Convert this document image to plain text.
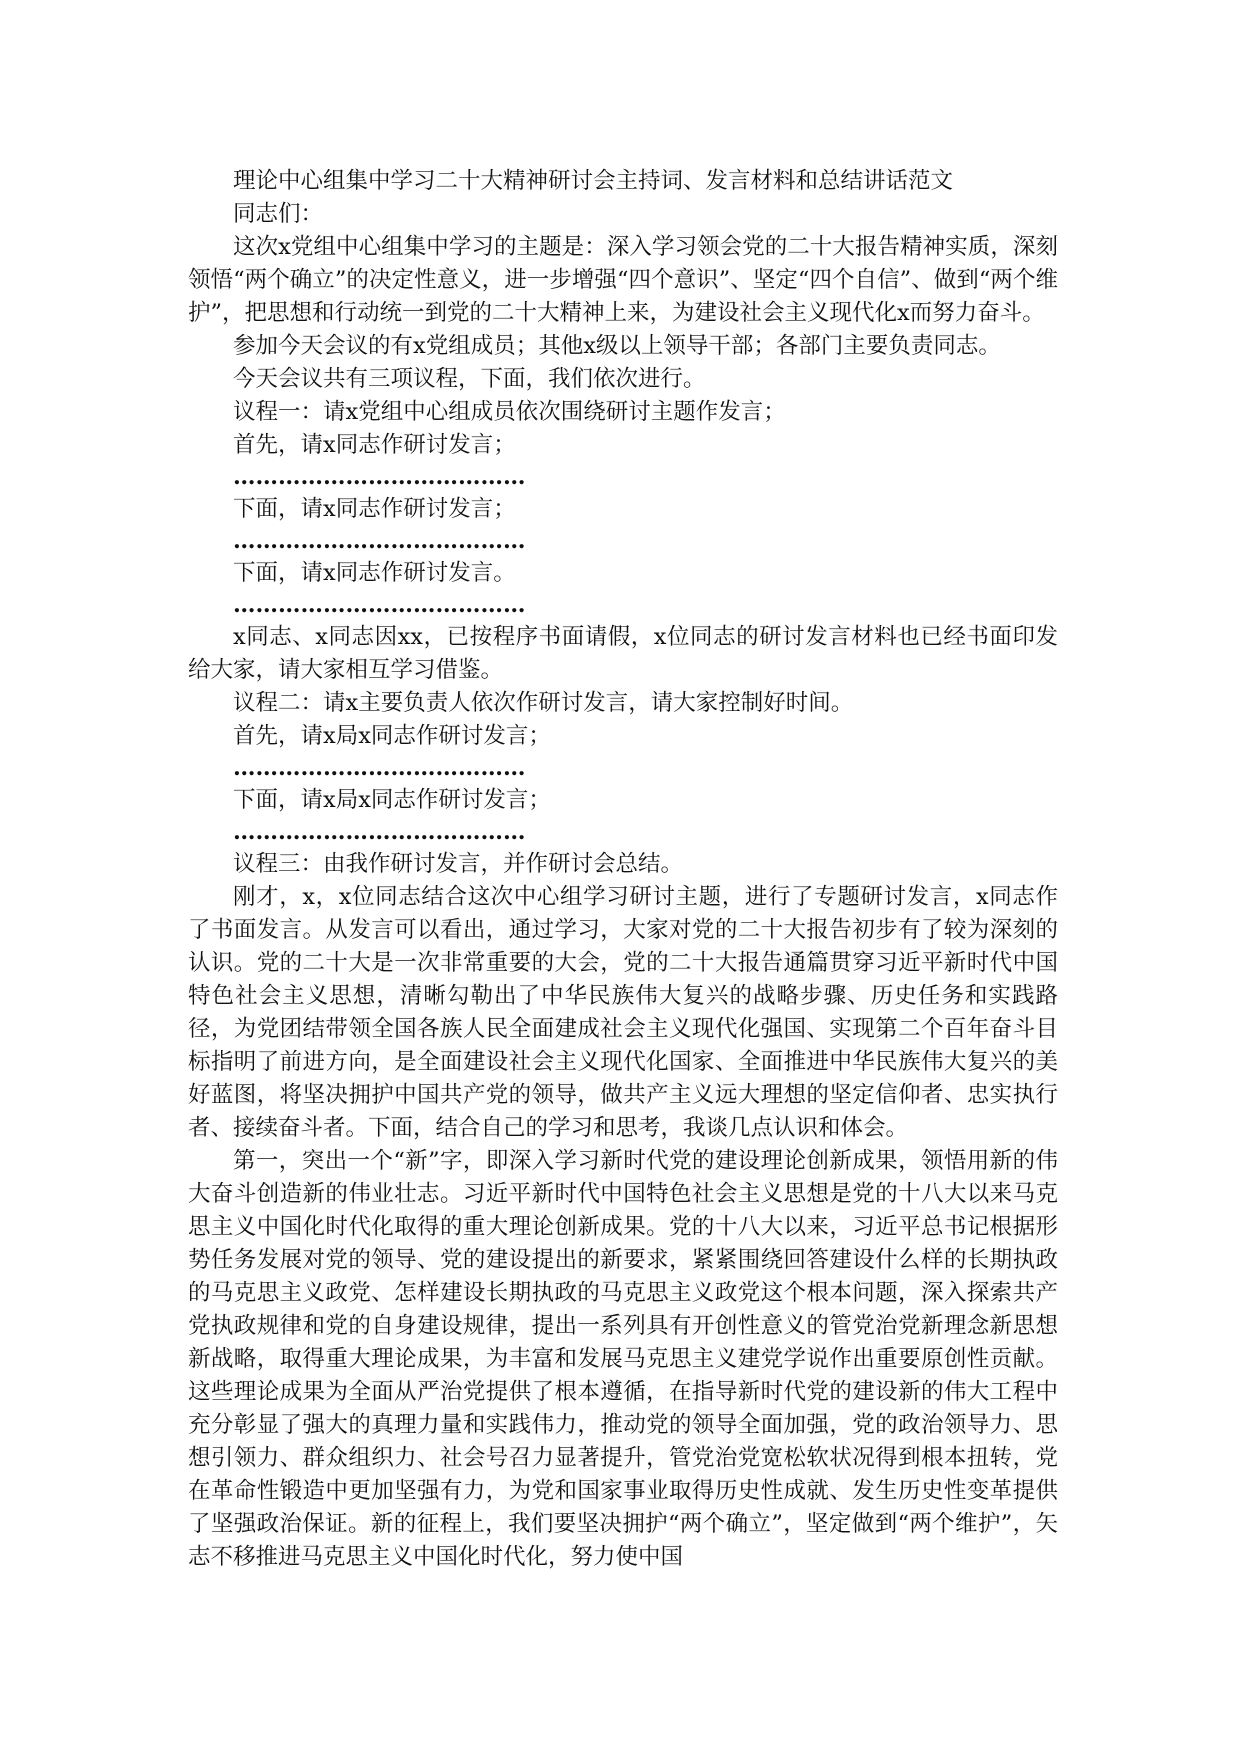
理论中心组集中学习二十大精神研讨会主持词、发言材料和总结讲话范文

同志们：

这次x党组中心组集中学习的主题是：深入学习领会党的二十大报告精神实质，深刻领悟“两个确立”的决定性意义，进一步增强“四个意识”、坚定“四个自信”、做到“两个维护”，把思想和行动统一到党的二十大精神上来，为建设社会主义现代化x而努力奋斗。

参加今天会议的有x党组成员；其他x级以上领导干部；各部门主要负责同志。

今天会议共有三项议程，下面，我们依次进行。

议程一：请x党组中心组成员依次围绕研讨主题作发言；

首先，请x同志作研讨发言；

…………………………………

下面，请x同志作研讨发言；

…………………………………

下面，请x同志作研讨发言。

…………………………………

x同志、x同志因xx，已按程序书面请假，x位同志的研讨发言材料也已经书面印发给大家，请大家相互学习借鉴。

议程二：请x主要负责人依次作研讨发言，请大家控制好时间。

首先，请x局x同志作研讨发言；

…………………………………

下面，请x局x同志作研讨发言；

…………………………………

议程三：由我作研讨发言，并作研讨会总结。

刚才，x，x位同志结合这次中心组学习研讨主题，进行了专题研讨发言，x同志作了书面发言。从发言可以看出，通过学习，大家对党的二十大报告初步有了较为深刻的认识。党的二十大是一次非常重要的大会，党的二十大报告通篇贯穿习近平新时代中国特色社会主义思想，清晰勾勒出了中华民族伟大复兴的战略步骤、历史任务和实践路径，为党团结带领全国各族人民全面建成社会主义现代化强国、实现第二个百年奋斗目标指明了前进方向，是全面建设社会主义现代化国家、全面推进中华民族伟大复兴的美好蓝图，将坚决拥护中国共产党的领导，做共产主义远大理想的坚定信仰者、忠实执行者、接续奋斗者。下面，结合自己的学习和思考，我谈几点认识和体会。

第一，突出一个“新”字，即深入学习新时代党的建设理论创新成果，领悟用新的伟大奋斗创造新的伟业壮志。习近平新时代中国特色社会主义思想是党的十八大以来马克思主义中国化时代化取得的重大理论创新成果。党的十八大以来，习近平总书记根据形势任务发展对党的领导、党的建设提出的新要求，紧紧围绕回答建设什么样的长期执政的马克思主义政党、怎样建设长期执政的马克思主义政党这个根本问题，深入探索共产党执政规律和党的自身建设规律，提出一系列具有开创性意义的管党治党新理念新思想新战略，取得重大理论成果，为丰富和发展马克思主义建党学说作出重要原创性贡献。这些理论成果为全面从严治党提供了根本遵循，在指导新时代党的建设新的伟大工程中充分彰显了强大的真理力量和实践伟力，推动党的领导全面加强，党的政治领导力、思想引领力、群众组织力、社会号召力显著提升，管党治党宽松软状况得到根本扭转，党在革命性锻造中更加坚强有力，为党和国家事业取得历史性成就、发生历史性变革提供了坚强政治保证。新的征程上，我们要坚决拥护“两个确立”，坚定做到“两个维护”，矢志不移推进马克思主义中国化时代化，努力使中国
